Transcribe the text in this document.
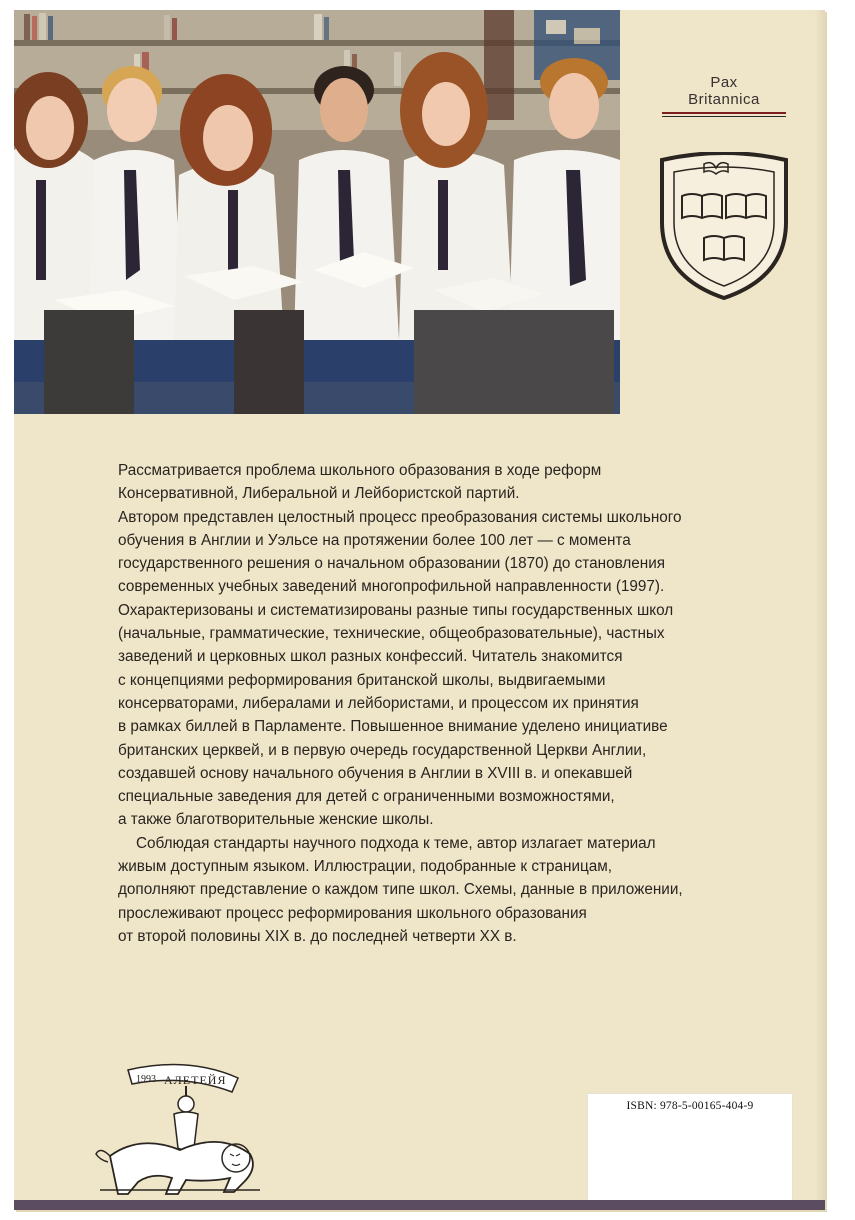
Pax
Britannica

Рассматривается проблема школьного образования в ходе реформ
Консервативной, Либеральной и Лейбористской партий.

Автором представлен целостный процесс преобразования системы школьного
обучения в Англии и Уэльсе на протяжении более 100 лет — с момента
государственного решения о начальном образовании (1870) до становления
современных учебных заведений многопрофильной направленности (1997).

Охарактеризованы и систематизированы разные типы государственных школ
(начальные, грамматические, технические, общеобразовательные), частных
заведений и церковных школ разных конфессий. Читатель знакомится
с концепциями реформирования британской школы, выдвигаемыми
консерваторами, либералами и лейбористами, и процессом их принятия
в рамках биллей в Парламенте. Повышенное внимание уделено инициативе
британских церквей, и в первую очередь государственной Церкви Англии,
создавшей основу начального обучения в Англии в XVIII в. и опекавшей
специальные заведения для детей с ограниченными возможностями,
а также благотворительные женские школы.

Соблюдая стандарты научного подхода к теме, автор излагает материал
живым доступным языком. Иллюстрации, подобранные к страницам,
дополняют представление о каждом типе школ. Схемы, данные в приложении,
прослеживают процесс реформирования школьного образования
от второй половины XIX в. до последней четверти XX в.

1993 АЛЕТЕЙЯ
ISBN: 978-5-00165-404-9
